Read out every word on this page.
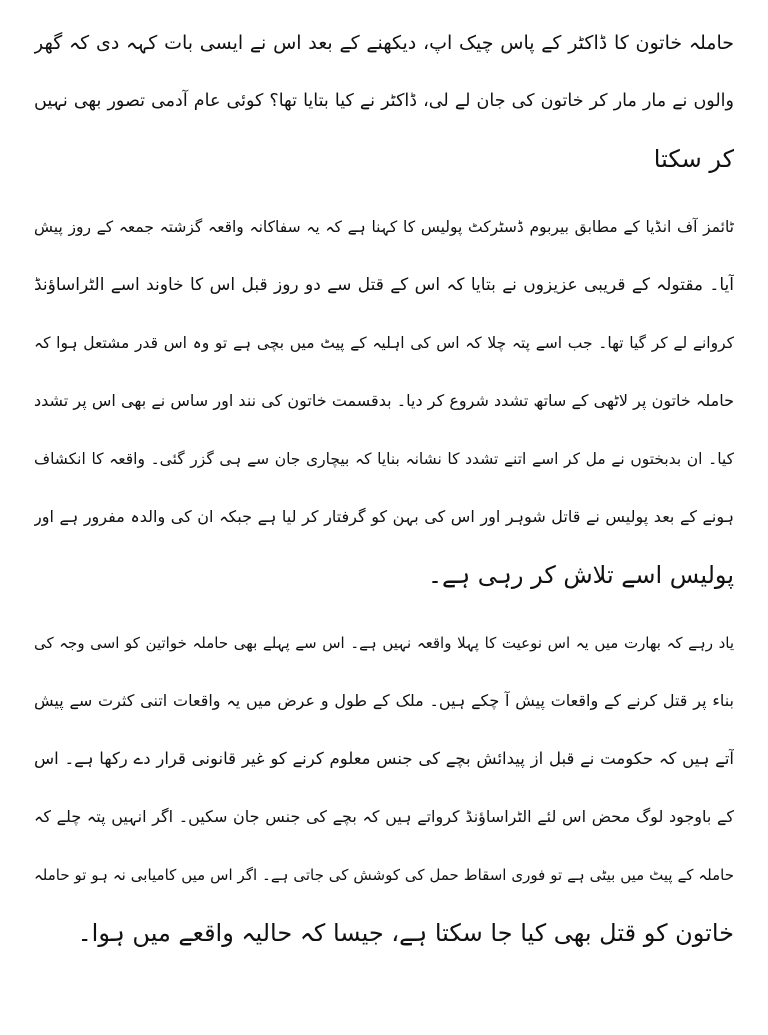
حاملہ خاتون کا ڈاکٹر کے پاس چیک اپ، دیکھنے کے بعد اس نے ایسی بات کہہ دی کہ گھر
والوں نے مار مار کر خاتون کی جان لے لی، ڈاکٹر نے کیا بتایا تھا؟ کوئی عام آدمی تصور بھی نہیں
کر سکتا
ٹائمز آف انڈیا کے مطابق بیربوم ڈسٹرکٹ پولیس کا کہنا ہے کہ یہ سفاکانہ واقعہ گزشتہ جمعہ کے روز پیش
آیا۔ مقتولہ کے قریبی عزیزوں نے بتایا کہ اس کے قتل سے دو روز قبل اس کا خاوند اسے الٹراساؤنڈ
کروانے لے کر گیا تھا۔ جب اسے پتہ چلا کہ اس کی اہلیہ کے پیٹ میں بچی ہے تو وہ اس قدر مشتعل ہوا کہ
حاملہ خاتون پر لاٹھی کے ساتھ تشدد شروع کر دیا۔ بدقسمت خاتون کی نند اور ساس نے بھی اس پر تشدد
کیا۔ ان بدبختوں نے مل کر اسے اتنے تشدد کا نشانہ بنایا کہ بیچاری جان سے ہی گزر گئی۔ واقعہ کا انکشاف
ہونے کے بعد پولیس نے قاتل شوہر اور اس کی بہن کو گرفتار کر لیا ہے جبکہ ان کی والدہ مفرور ہے اور
پولیس اسے تلاش کر رہی ہے۔
یاد رہے کہ بھارت میں یہ اس نوعیت کا پہلا واقعہ نہیں ہے۔ اس سے پہلے بھی حاملہ خواتین کو اسی وجہ کی
بناء پر قتل کرنے کے واقعات پیش آ چکے ہیں۔ ملک کے طول و عرض میں یہ واقعات اتنی کثرت سے پیش
آتے ہیں کہ حکومت نے قبل از پیدائش بچے کی جنس معلوم کرنے کو غیر قانونی قرار دے رکھا ہے۔ اس
کے باوجود لوگ محض اس لئے الٹراساؤنڈ کرواتے ہیں کہ بچے کی جنس جان سکیں۔ اگر انہیں پتہ چلے کہ
حاملہ کے پیٹ میں بیٹی ہے تو فوری اسقاط حمل کی کوشش کی جاتی ہے۔ اگر اس میں کامیابی نہ ہو تو حاملہ
خاتون کو قتل بھی کیا جا سکتا ہے، جیسا کہ حالیہ واقعے میں ہوا۔
